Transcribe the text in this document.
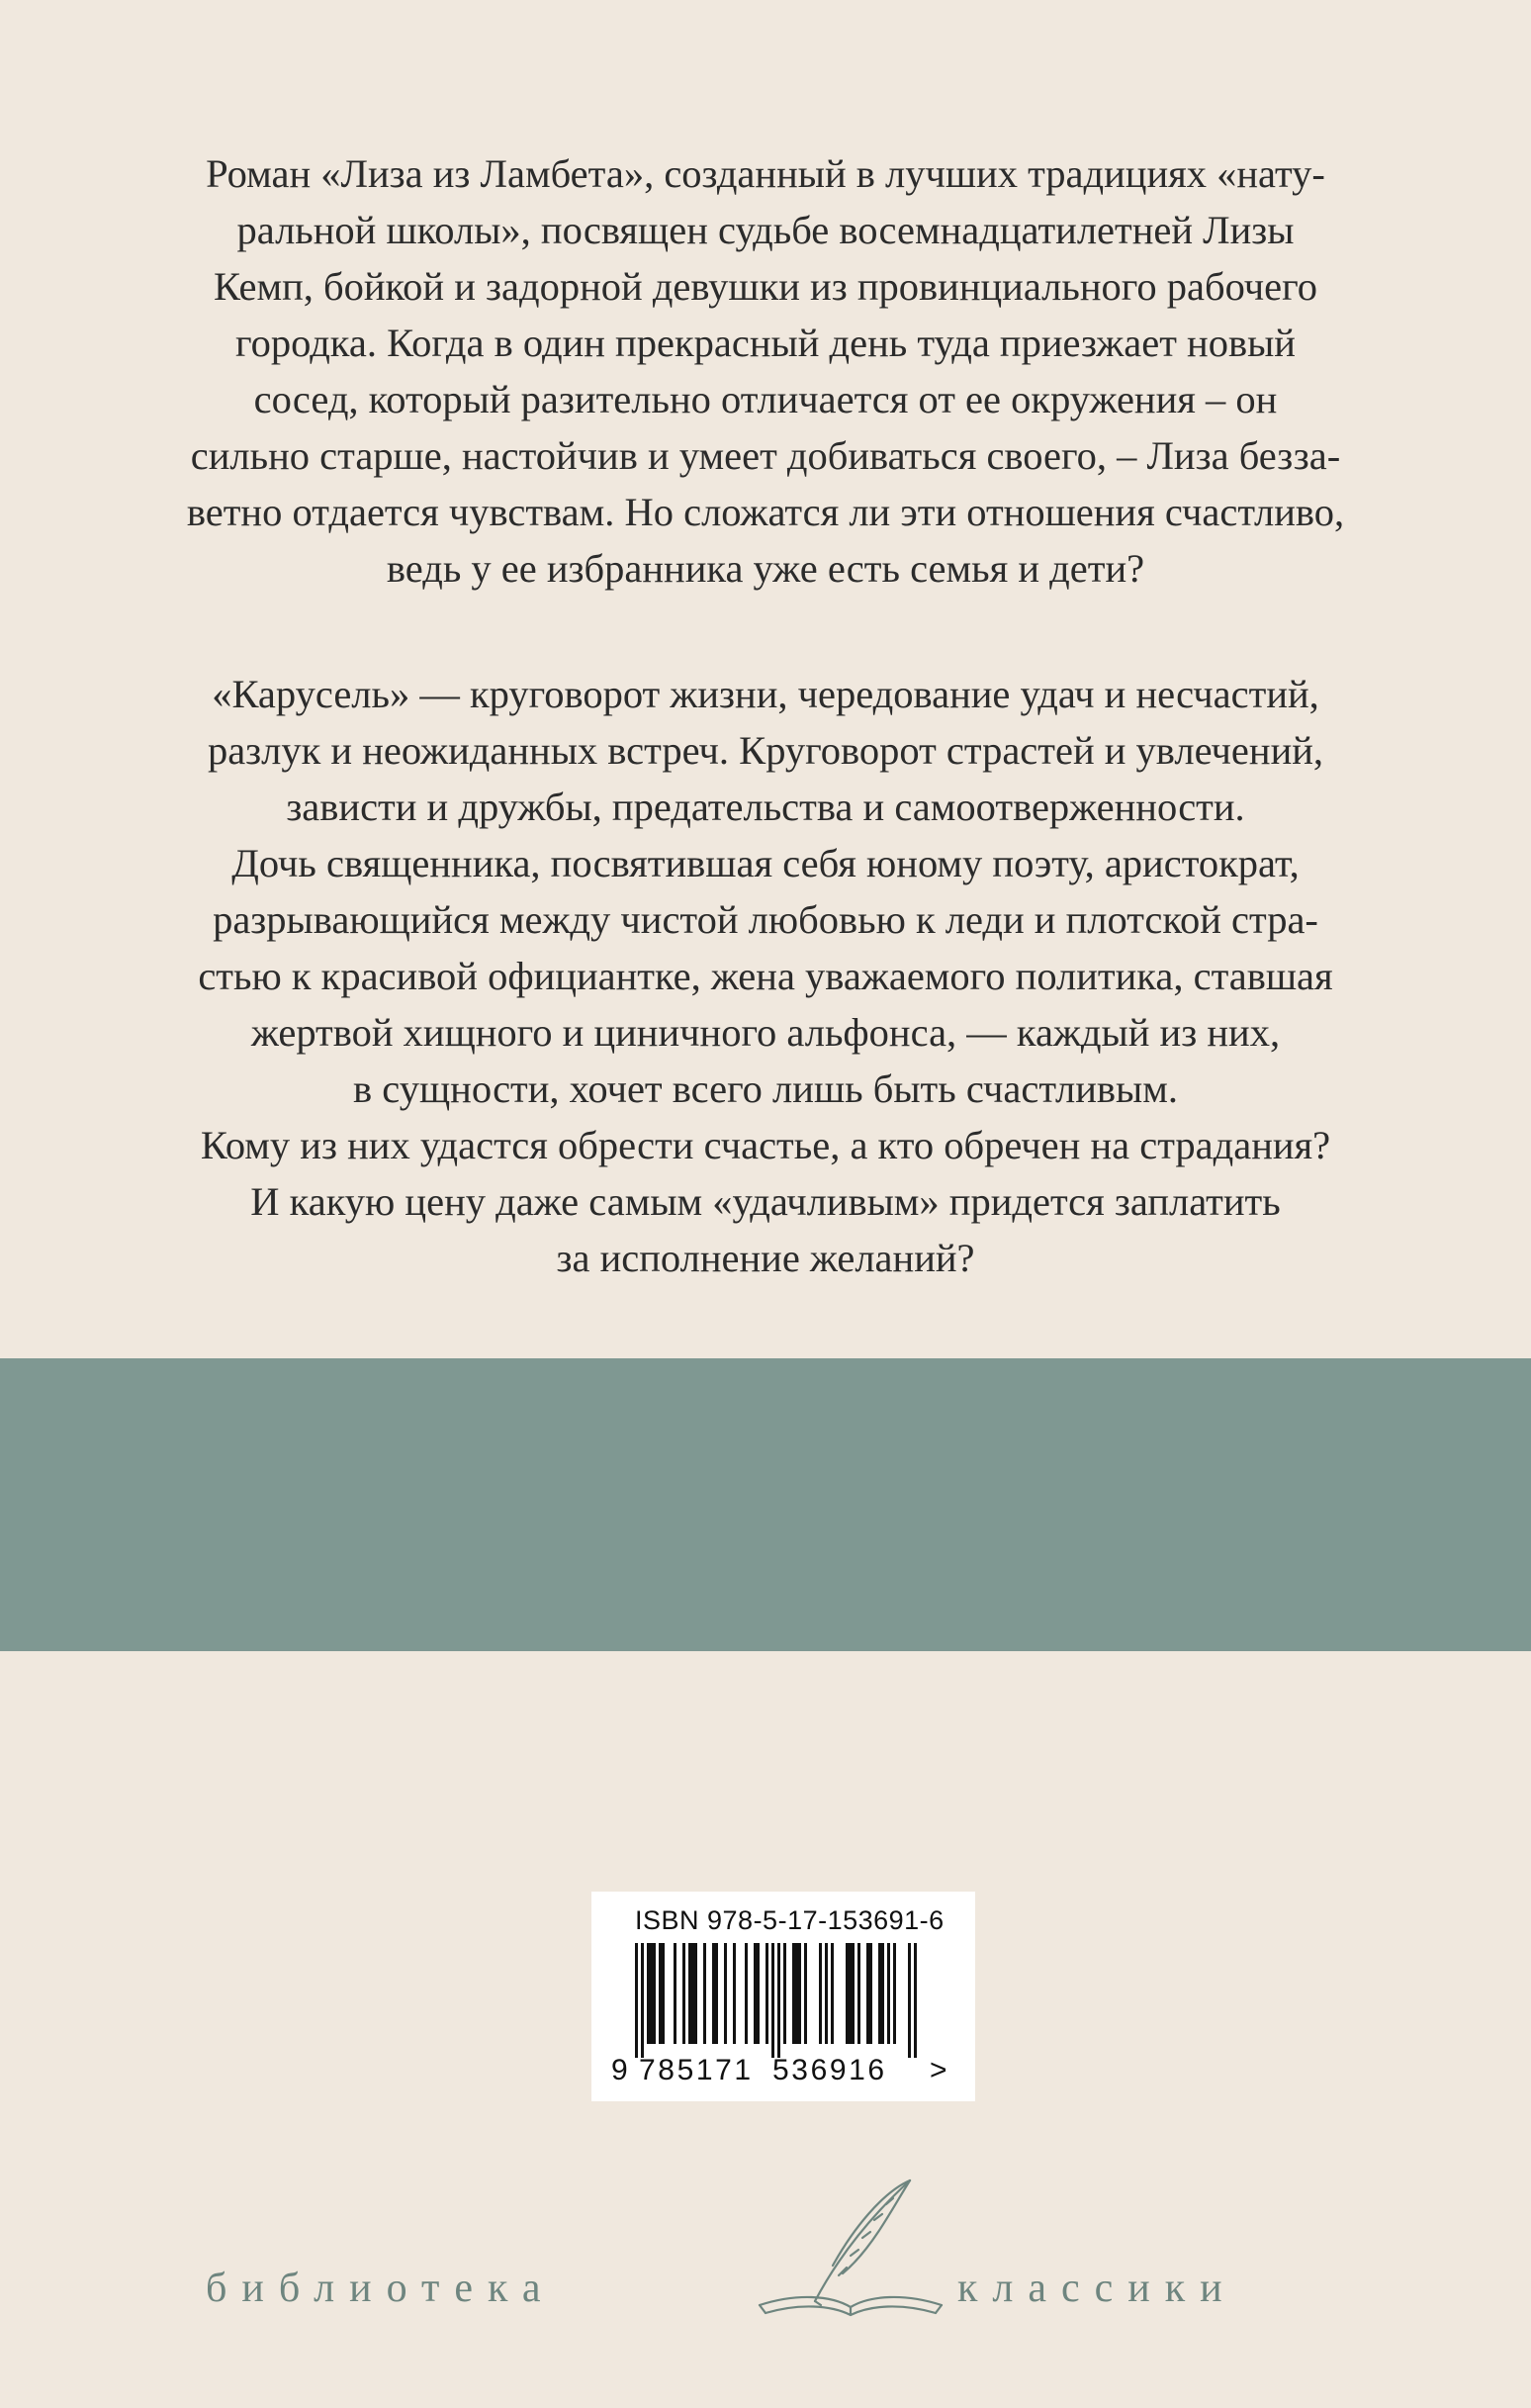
Роман «Лиза из Ламбета», созданный в лучших традициях «нату-
ральной школы», посвящен судьбе восемнадцатилетней Лизы
Кемп, бойкой и задорной девушки из провинциального рабочего
городка. Когда в один прекрасный день туда приезжает новый
сосед, который разительно отличается от ее окружения – он
сильно старше, настойчив и умеет добиваться своего, – Лиза безза-
ветно отдается чувствам. Но сложатся ли эти отношения счастливо,
ведь у ее избранника уже есть семья и дети?
«Карусель» — круговорот жизни, чередование удач и несчастий,
разлук и неожиданных встреч. Круговорот страстей и увлечений,
зависти и дружбы, предательства и самоотверженности.
Дочь священника, посвятившая себя юному поэту, аристократ,
разрывающийся между чистой любовью к леди и плотской стра-
стью к красивой официантке, жена уважаемого политика, ставшая
жертвой хищного и циничного альфонса, — каждый из них,
в сущности, хочет всего лишь быть счастливым.
Кому из них удастся обрести счастье, а кто обречен на страдания?
И какую цену даже самым «удачливым» придется заплатить
за исполнение желаний?
ISBN 978-5-17-153691-6
9 785171 536916 >
библиотека	классики
